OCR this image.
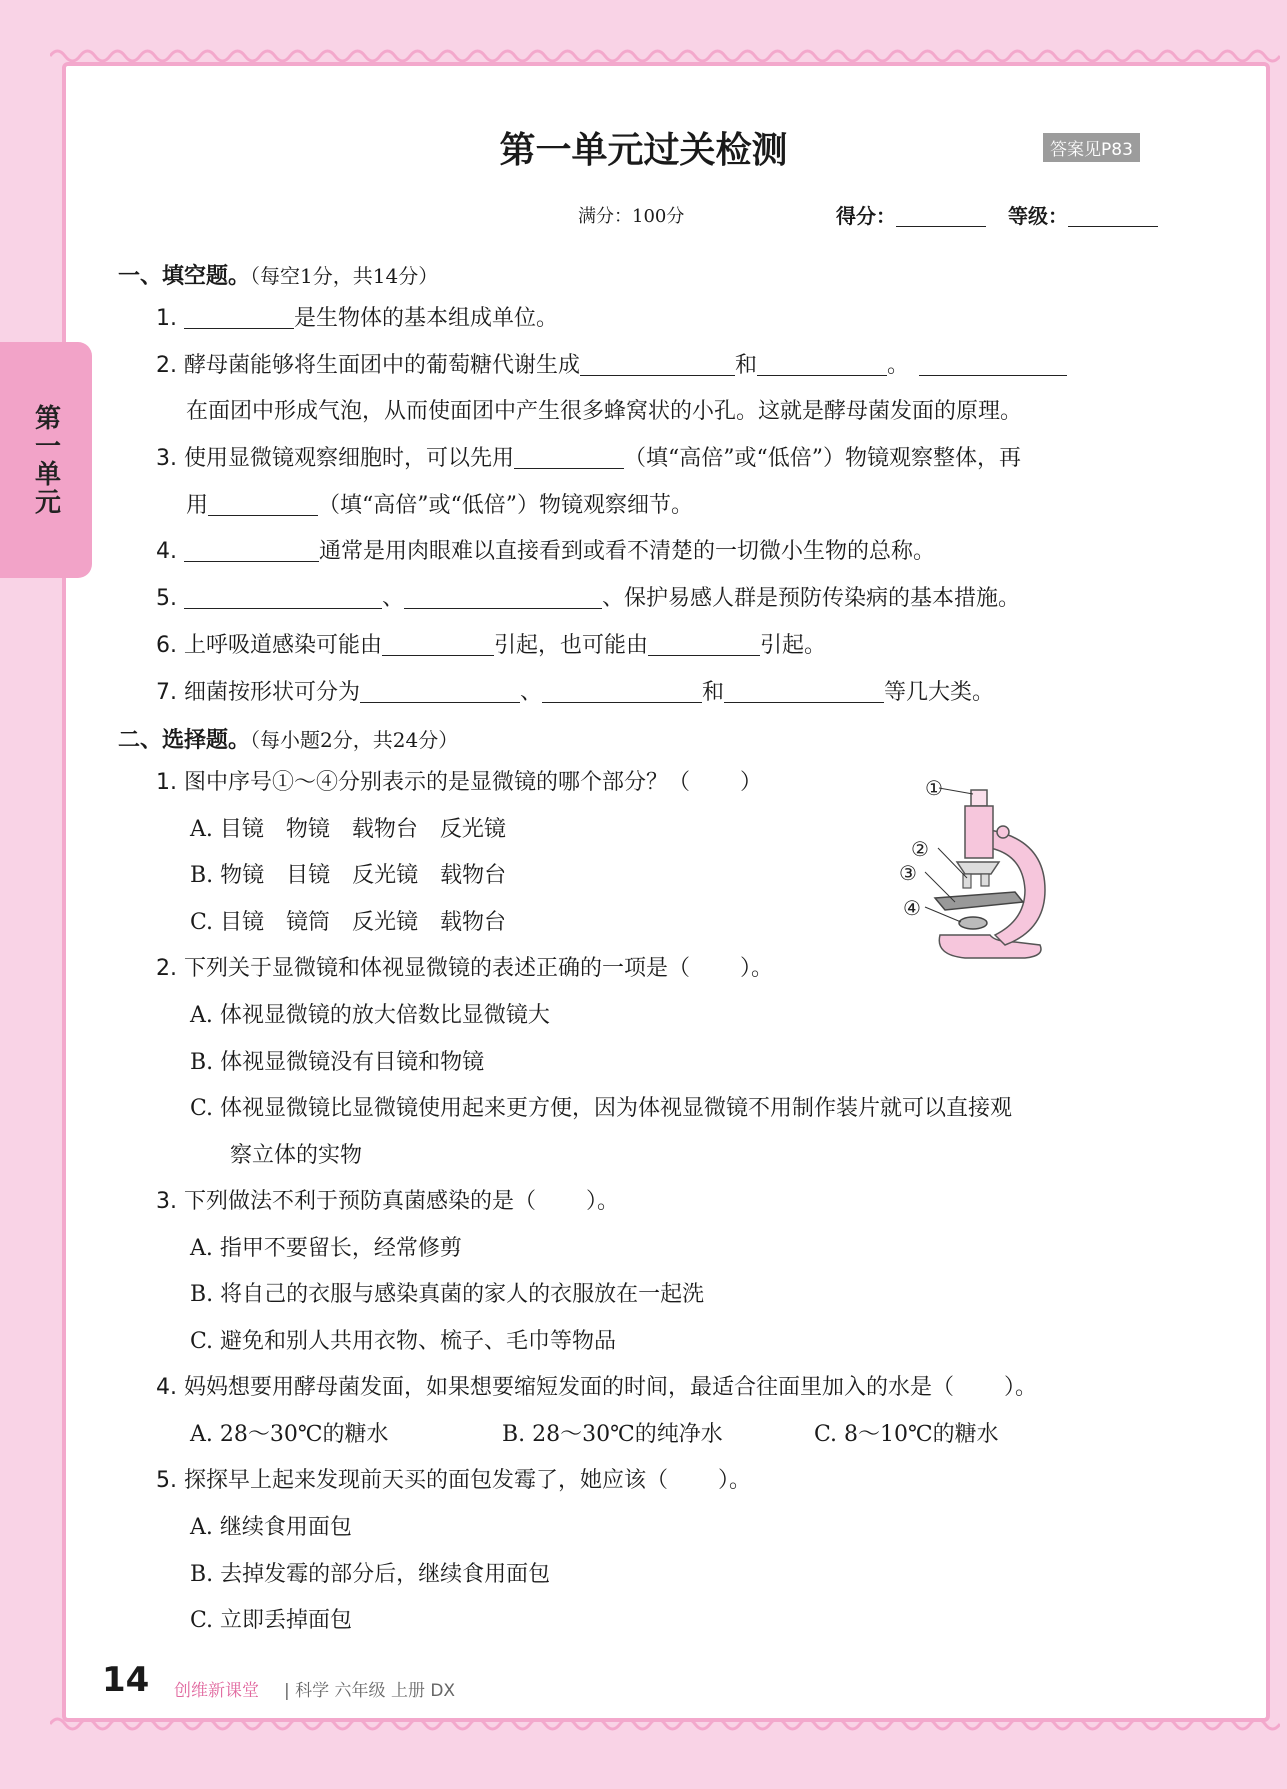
第一单元
第一单元过关检测	答案见P83
满分：100分	得分：	等级：
一、填空题。（每空1分，共14分）
1.	是生物体的基本组成单位。
2. 酵母菌能够将生面团中的葡萄糖代谢生成	和	。
在面团中形成气泡，从而使面团中产生很多蜂窝状的小孔。这就是酵母菌发面的原理。
3. 使用显微镜观察细胞时，可以先用	（填“高倍”或“低倍”）物镜观察整体，再
用	（填“高倍”或“低倍”）物镜观察细节。
4.	通常是用肉眼难以直接看到或看不清楚的一切微小生物的总称。
5.	、	、保护易感人群是预防传染病的基本措施。
6. 上呼吸道感染可能由	引起，也可能由	引起。
7. 细菌按形状可分为	、	和	等几大类。
二、选择题。（每小题2分，共24分）
1. 图中序号①～④分别表示的是显微镜的哪个部分？（ ）
A. 目镜　物镜　载物台　反光镜
B. 物镜　目镜　反光镜　载物台
C. 目镜　镜筒　反光镜　载物台
2. 下列关于显微镜和体视显微镜的表述正确的一项是（ ）。
A. 体视显微镜的放大倍数比显微镜大
B. 体视显微镜没有目镜和物镜
C. 体视显微镜比显微镜使用起来更方便，因为体视显微镜不用制作装片就可以直接观
察立体的实物
3. 下列做法不利于预防真菌感染的是（ ）。
A. 指甲不要留长，经常修剪
B. 将自己的衣服与感染真菌的家人的衣服放在一起洗
C. 避免和别人共用衣物、梳子、毛巾等物品
4. 妈妈想要用酵母菌发面，如果想要缩短发面的时间，最适合往面里加入的水是（ ）。
A. 28～30℃的糖水	B. 28～30℃的纯净水	C. 8～10℃的糖水
5. 探探早上起来发现前天买的面包发霉了，她应该（ ）。
A. 继续食用面包
B. 去掉发霉的部分后，继续食用面包
C. 立即丢掉面包
①
②
③
④
14 创维新课堂 | 科学 六年级 上册 DX
